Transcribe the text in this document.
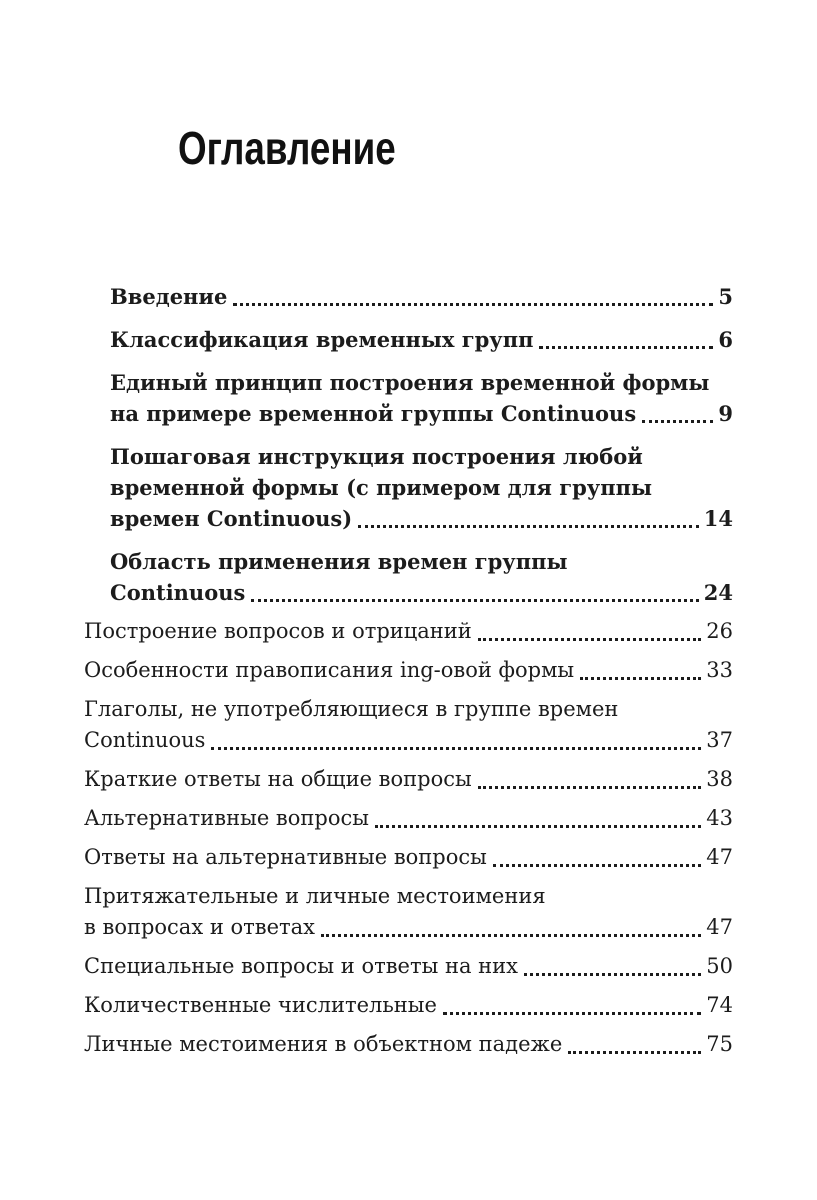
Оглавление
Введение	5
Классификация временных групп	6
Единый принцип построения временной формы
на примере временной группы Continuous	9
Пошаговая инструкция построения любой
временной формы (с примером для группы
времен Continuous)	14
Область применения времен группы
Continuous	24
Построение вопросов и отрицаний	26
Особенности правописания ing-овой формы	33
Глаголы, не употребляющиеся в группе времен
Continuous	37
Краткие ответы на общие вопросы	38
Альтернативные вопросы	43
Ответы на альтернативные вопросы	47
Притяжательные и личные местоимения
в вопросах и ответах	47
Специальные вопросы и ответы на них	50
Количественные числительные	74
Личные местоимения в объектном падеже	75
